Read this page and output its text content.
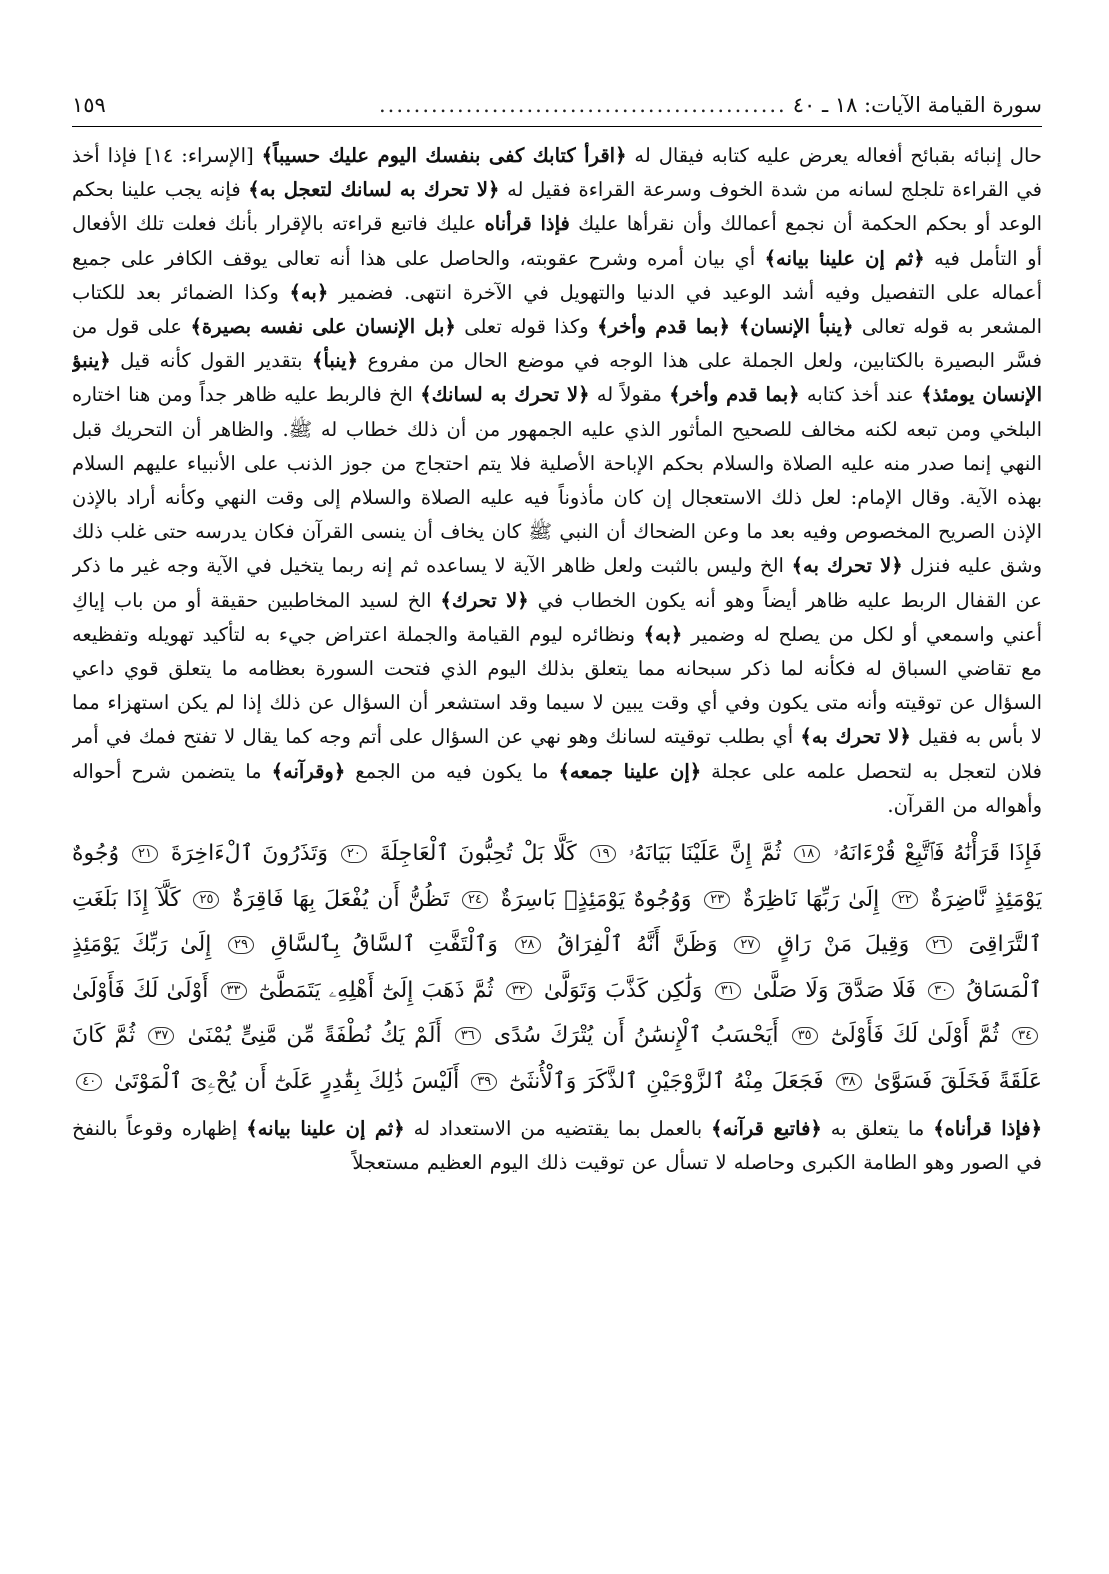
سورة القيامة الآيات: ١٨ ـ ٤٠
...............................................
١٥٩

حال إنبائه بقبائح أفعاله يعرض عليه كتابه فيقال له ﴿اقرأ كتابك كفى بنفسك اليوم عليك حسيباً﴾ [الإسراء: ١٤] فإذا أخذ في القراءة تلجلج لسانه من شدة الخوف وسرعة القراءة فقيل له ﴿لا تحرك به لسانك لتعجل به﴾ فإنه يجب علينا بحكم الوعد أو بحكم الحكمة أن نجمع أعمالك وأن نقرأها عليك فإذا قرأناه عليك فاتبع قراءته بالإقرار بأنك فعلت تلك الأفعال أو التأمل فيه ﴿ثم إن علينا بيانه﴾ أي بيان أمره وشرح عقوبته، والحاصل على هذا أنه تعالى يوقف الكافر على جميع أعماله على التفصيل وفيه أشد الوعيد في الدنيا والتهويل في الآخرة انتهى. فضمير ﴿به﴾ وكذا الضمائر بعد للكتاب المشعر به قوله تعالى ﴿ينبأ الإنسان﴾ ﴿بما قدم وأخر﴾ وكذا قوله تعلى ﴿بل الإنسان على نفسه بصيرة﴾ على قول من فسَّر البصيرة بالكتابين، ولعل الجملة على هذا الوجه في موضع الحال من مفروع ﴿ينبأ﴾ بتقدير القول كأنه قيل ﴿ينبؤ الإنسان يومئذ﴾ عند أخذ كتابه ﴿بما قدم وأخر﴾ مقولاً له ﴿لا تحرك به لسانك﴾ الخ فالربط عليه ظاهر جداً ومن هنا اختاره البلخي ومن تبعه لكنه مخالف للصحيح المأثور الذي عليه الجمهور من أن ذلك خطاب له ﷺ. والظاهر أن التحريك قبل النهي إنما صدر منه عليه الصلاة والسلام بحكم الإباحة الأصلية فلا يتم احتجاج من جوز الذنب على الأنبياء عليهم السلام بهذه الآية. وقال الإمام: لعل ذلك الاستعجال إن كان مأذوناً فيه عليه الصلاة والسلام إلى وقت النهي وكأنه أراد بالإذن الإذن الصريح المخصوص وفيه بعد ما وعن الضحاك أن النبي ﷺ كان يخاف أن ينسى القرآن فكان يدرسه حتى غلب ذلك وشق عليه فنزل ﴿لا تحرك به﴾ الخ وليس بالثبت ولعل ظاهر الآية لا يساعده ثم إنه ربما يتخيل في الآية وجه غير ما ذكر عن القفال الربط عليه ظاهر أيضاً وهو أنه يكون الخطاب في ﴿لا تحرك﴾ الخ لسيد المخاطبين حقيقة أو من باب إياكِ أعني واسمعي أو لكل من يصلح له وضمير ﴿به﴾ ونظائره ليوم القيامة والجملة اعتراض جيء به لتأكيد تهويله وتفظيعه مع تقاضي السباق له فكأنه لما ذكر سبحانه مما يتعلق بذلك اليوم الذي فتحت السورة بعظامه ما يتعلق قوي داعي السؤال عن توقيته وأنه متى يكون وفي أي وقت يبين لا سيما وقد استشعر أن السؤال عن ذلك إذا لم يكن استهزاء مما لا بأس به فقيل ﴿لا تحرك به﴾ أي بطلب توقيته لسانك وهو نهي عن السؤال على أتم وجه كما يقال لا تفتح فمك في أمر فلان لتعجل به لتحصل علمه على عجلة ﴿إن علينا جمعه﴾ ما يكون فيه من الجمع ﴿وقرآنه﴾ ما يتضمن شرح أحواله وأهواله من القرآن.

فَإِذَا قَرَأْنَٰهُ فَٱتَّبِعْ قُرْءَانَهُۥ ١٨ ثُمَّ إِنَّ عَلَيْنَا بَيَانَهُۥ ١٩ كَلَّا بَلْ تُحِبُّونَ ٱلْعَاجِلَةَ ٢٠ وَتَذَرُونَ ٱلْءَاخِرَةَ ٢١ وُجُوهٌ يَوْمَئِذٍ نَّاضِرَةٌ ٢٢ إِلَىٰ رَبِّهَا نَاظِرَةٌ ٢٣ وَوُجُوهٌ يَوْمَئِذٍۭ بَاسِرَةٌ ٢٤ تَظُنُّ أَن يُفْعَلَ بِهَا فَاقِرَةٌ ٢٥ كَلَّآ إِذَا بَلَغَتِ ٱلتَّرَاقِىَ ٢٦ وَقِيلَ مَنْ رَاقٍ ٢٧ وَظَنَّ أَنَّهُ ٱلْفِرَاقُ ٢٨ وَٱلْتَفَّتِ ٱلسَّاقُ بِٱلسَّاقِ ٢٩ إِلَىٰ رَبِّكَ يَوْمَئِذٍ ٱلْمَسَاقُ ٣٠ فَلَا صَدَّقَ وَلَا صَلَّىٰ ٣١ وَلَٰكِن كَذَّبَ وَتَوَلَّىٰ ٣٢ ثُمَّ ذَهَبَ إِلَىٰٓ أَهْلِهِۦ يَتَمَطَّىٰٓ ٣٣ أَوْلَىٰ لَكَ فَأَوْلَىٰ ٣٤ ثُمَّ أَوْلَىٰ لَكَ فَأَوْلَىٰٓ ٣٥ أَيَحْسَبُ ٱلْإِنسَٰنُ أَن يُتْرَكَ سُدًى ٣٦ أَلَمْ يَكُ نُطْفَةً مِّن مَّنِىٍّ يُمْنَىٰ ٣٧ ثُمَّ كَانَ عَلَقَةً فَخَلَقَ فَسَوَّىٰ ٣٨ فَجَعَلَ مِنْهُ ٱلزَّوْجَيْنِ ٱلذَّكَرَ وَٱلْأُنثَىٰٓ ٣٩ أَلَيْسَ ذَٰلِكَ بِقَٰدِرٍ عَلَىٰٓ أَن يُحْۦِىَ ٱلْمَوْتَىٰ ٤٠

﴿فإذا قرأناه﴾ ما يتعلق به ﴿فاتبع قرآنه﴾ بالعمل بما يقتضيه من الاستعداد له ﴿ثم إن علينا بيانه﴾ إظهاره وقوعاً بالنفخ في الصور وهو الطامة الكبرى وحاصله لا تسأل عن توقيت ذلك اليوم العظيم مستعجلاً
